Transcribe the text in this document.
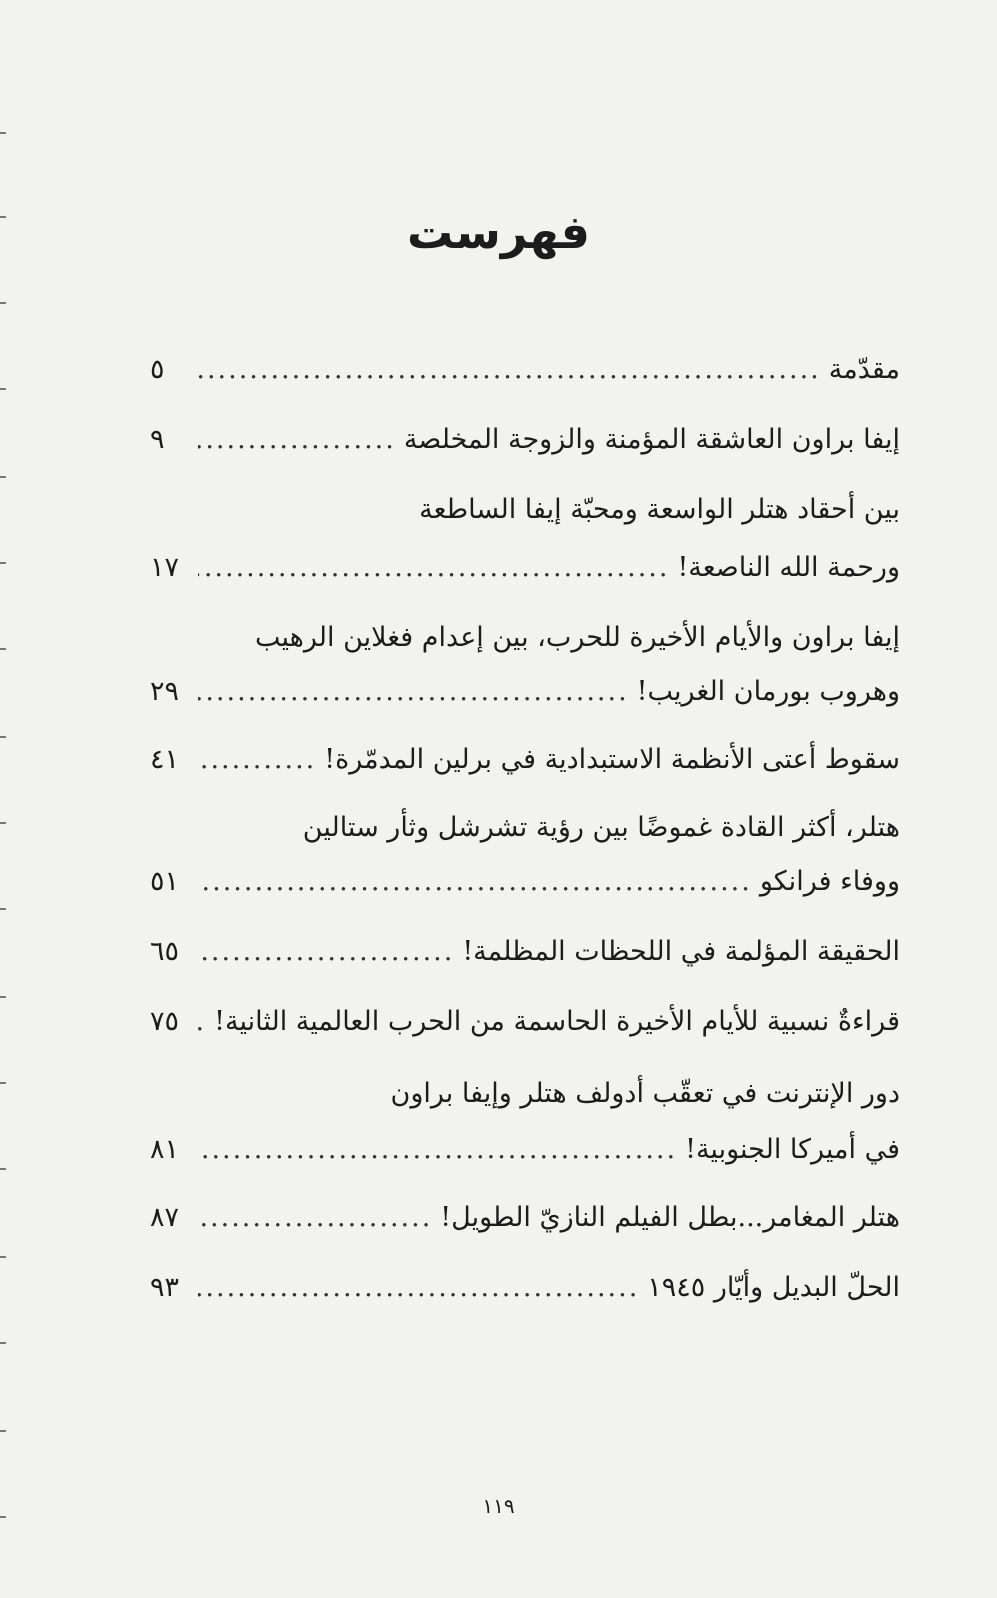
فهرست
مقدّمة
.....
٥
إيفا براون العاشقة المؤمنة والزوجة المخلصة
.....
٩
بين أحقاد هتلر الواسعة ومحبّة إيفا الساطعة
ورحمة الله الناصعة!
.....
١٧
إيفا براون والأيام الأخيرة للحرب، بين إعدام فغلاين الرهيب
وهروب بورمان الغريب!
.....
٢٩
سقوط أعتى الأنظمة الاستبدادية في برلين المدمّرة!
.....
٤١
هتلر، أكثر القادة غموضًا بين رؤية تشرشل وثأر ستالين
ووفاء فرانكو
.....
٥١
الحقيقة المؤلمة في اللحظات المظلمة!
.....
٦٥
قراءةٌ نسبية للأيام الأخيرة الحاسمة من الحرب العالمية الثانية!
.....
٧٥
دور الإنترنت في تعقّب أدولف هتلر وإيفا براون
في أميركا الجنوبية!
.....
٨١
هتلر المغامر...بطل الفيلم النازيّ الطويل!
.....
٨٧
الحلّ البديل وأيّار ١٩٤٥
.....
٩٣
١١٩
